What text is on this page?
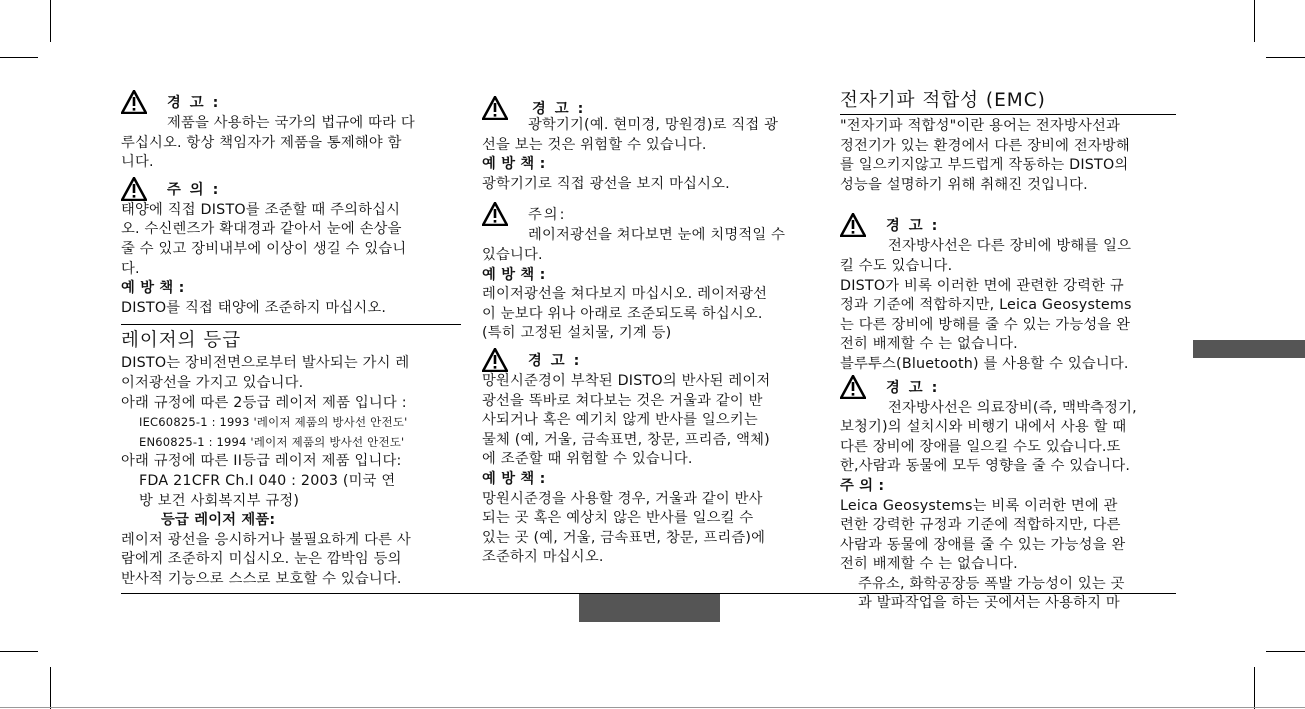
경 고 :
제품을 사용하는 국가의 법규에 따라 다
루십시오. 항상 책임자가 제품을 통제해야 함
니다.
주 의 :
태양에 직접 DISTO를 조준할 때 주의하십시
오. 수신렌즈가 확대경과 같아서 눈에 손상을
줄 수 있고 장비내부에 이상이 생길 수 있습니
다.
예 방 책 :
DISTO를 직접 태양에 조준하지 마십시오.
레이저의 등급
DISTO는 장비전면으로부터 발사되는 가시 레
이저광선을 가지고 있습니다.
아래 규정에 따른 2등급 레이저 제품 입니다 :
IEC60825-1 : 1993 '레이저 제품의 방사선 안전도'
EN60825-1 : 1994 '레이저 제품의 방사선 안전도'
아래 규정에 따른 II등급 레이저 제품 입니다:
FDA 21CFR Ch.I 040 : 2003 (미국 연
방 보건 사회복지부 규정)
등급 레이저 제품:
레이저 광선을 응시하거나 불필요하게 다른 사
람에게 조준하지 미십시오. 눈은 깜박임 등의
반사적 기능으로 스스로 보호할 수 있습니다.
경 고 :
광학기기(예. 현미경, 망원경)로 직접 광
선을 보는 것은 위험할 수 있습니다.
예 방 책 :
광학기기로 직접 광선을 보지 마십시오.
주의:
레이저광선을 쳐다보면 눈에 치명적일 수
있습니다.
예 방 책 :
레이저광선을 쳐다보지 마십시오. 레이저광선
이 눈보다 위나 아래로 조준되도록 하십시오.
(특히 고정된 설치물, 기계 등)
경 고 :
망원시준경이 부착된 DISTO의 반사된 레이저
광선을 똑바로 쳐다보는 것은 거울과 같이 반
사되거나 혹은 예기치 않게 반사를 일으키는
물체 (예, 거울, 금속표면, 창문, 프리즘, 액체)
에 조준할 때 위험할 수 있습니다.
예 방 책 :
망원시준경을 사용할 경우, 거울과 같이 반사
되는 곳 혹은 예상치 않은 반사를 일으킬 수
있는 곳 (예, 거울, 금속표면, 창문, 프리즘)에
조준하지 마십시오.
전자기파 적합성 (EMC)
"전자기파 적합성"이란 용어는 전자방사선과
정전기가 있는 환경에서 다른 장비에 전자방해
를 일으키지않고 부드럽게 작동하는 DISTO의
성능을 설명하기 위해 취해진 것입니다.
경 고 :
전자방사선은 다른 장비에 방해를 일으
킬 수도 있습니다.
DISTO가 비록 이러한 면에 관련한 강력한 규
정과 기준에 적합하지만, Leica Geosystems
는 다른 장비에 방해를 줄 수 있는 가능성을 완
전히 배제할 수 는 없습니다.
블루투스(Bluetooth) 를 사용할 수 있습니다.
경 고 :
전자방사선은 의료장비(즉, 맥박측정기,
보청기)의 설치시와 비행기 내에서 사용 할 때
다른 장비에 장애를 일으킬 수도 있습니다.또
한,사람과 동물에 모두 영향을 줄 수 있습니다.
주 의 :
Leica Geosystems는 비록 이러한 면에 관
련한 강력한 규정과 기준에 적합하지만, 다른
사람과 동물에 장애를 줄 수 있는 가능성을 완
전히 배제할 수 는 없습니다.
주유소, 화학공장등 폭발 가능성이 있는 곳
과 발파작업을 하는 곳에서는 사용하지 마
